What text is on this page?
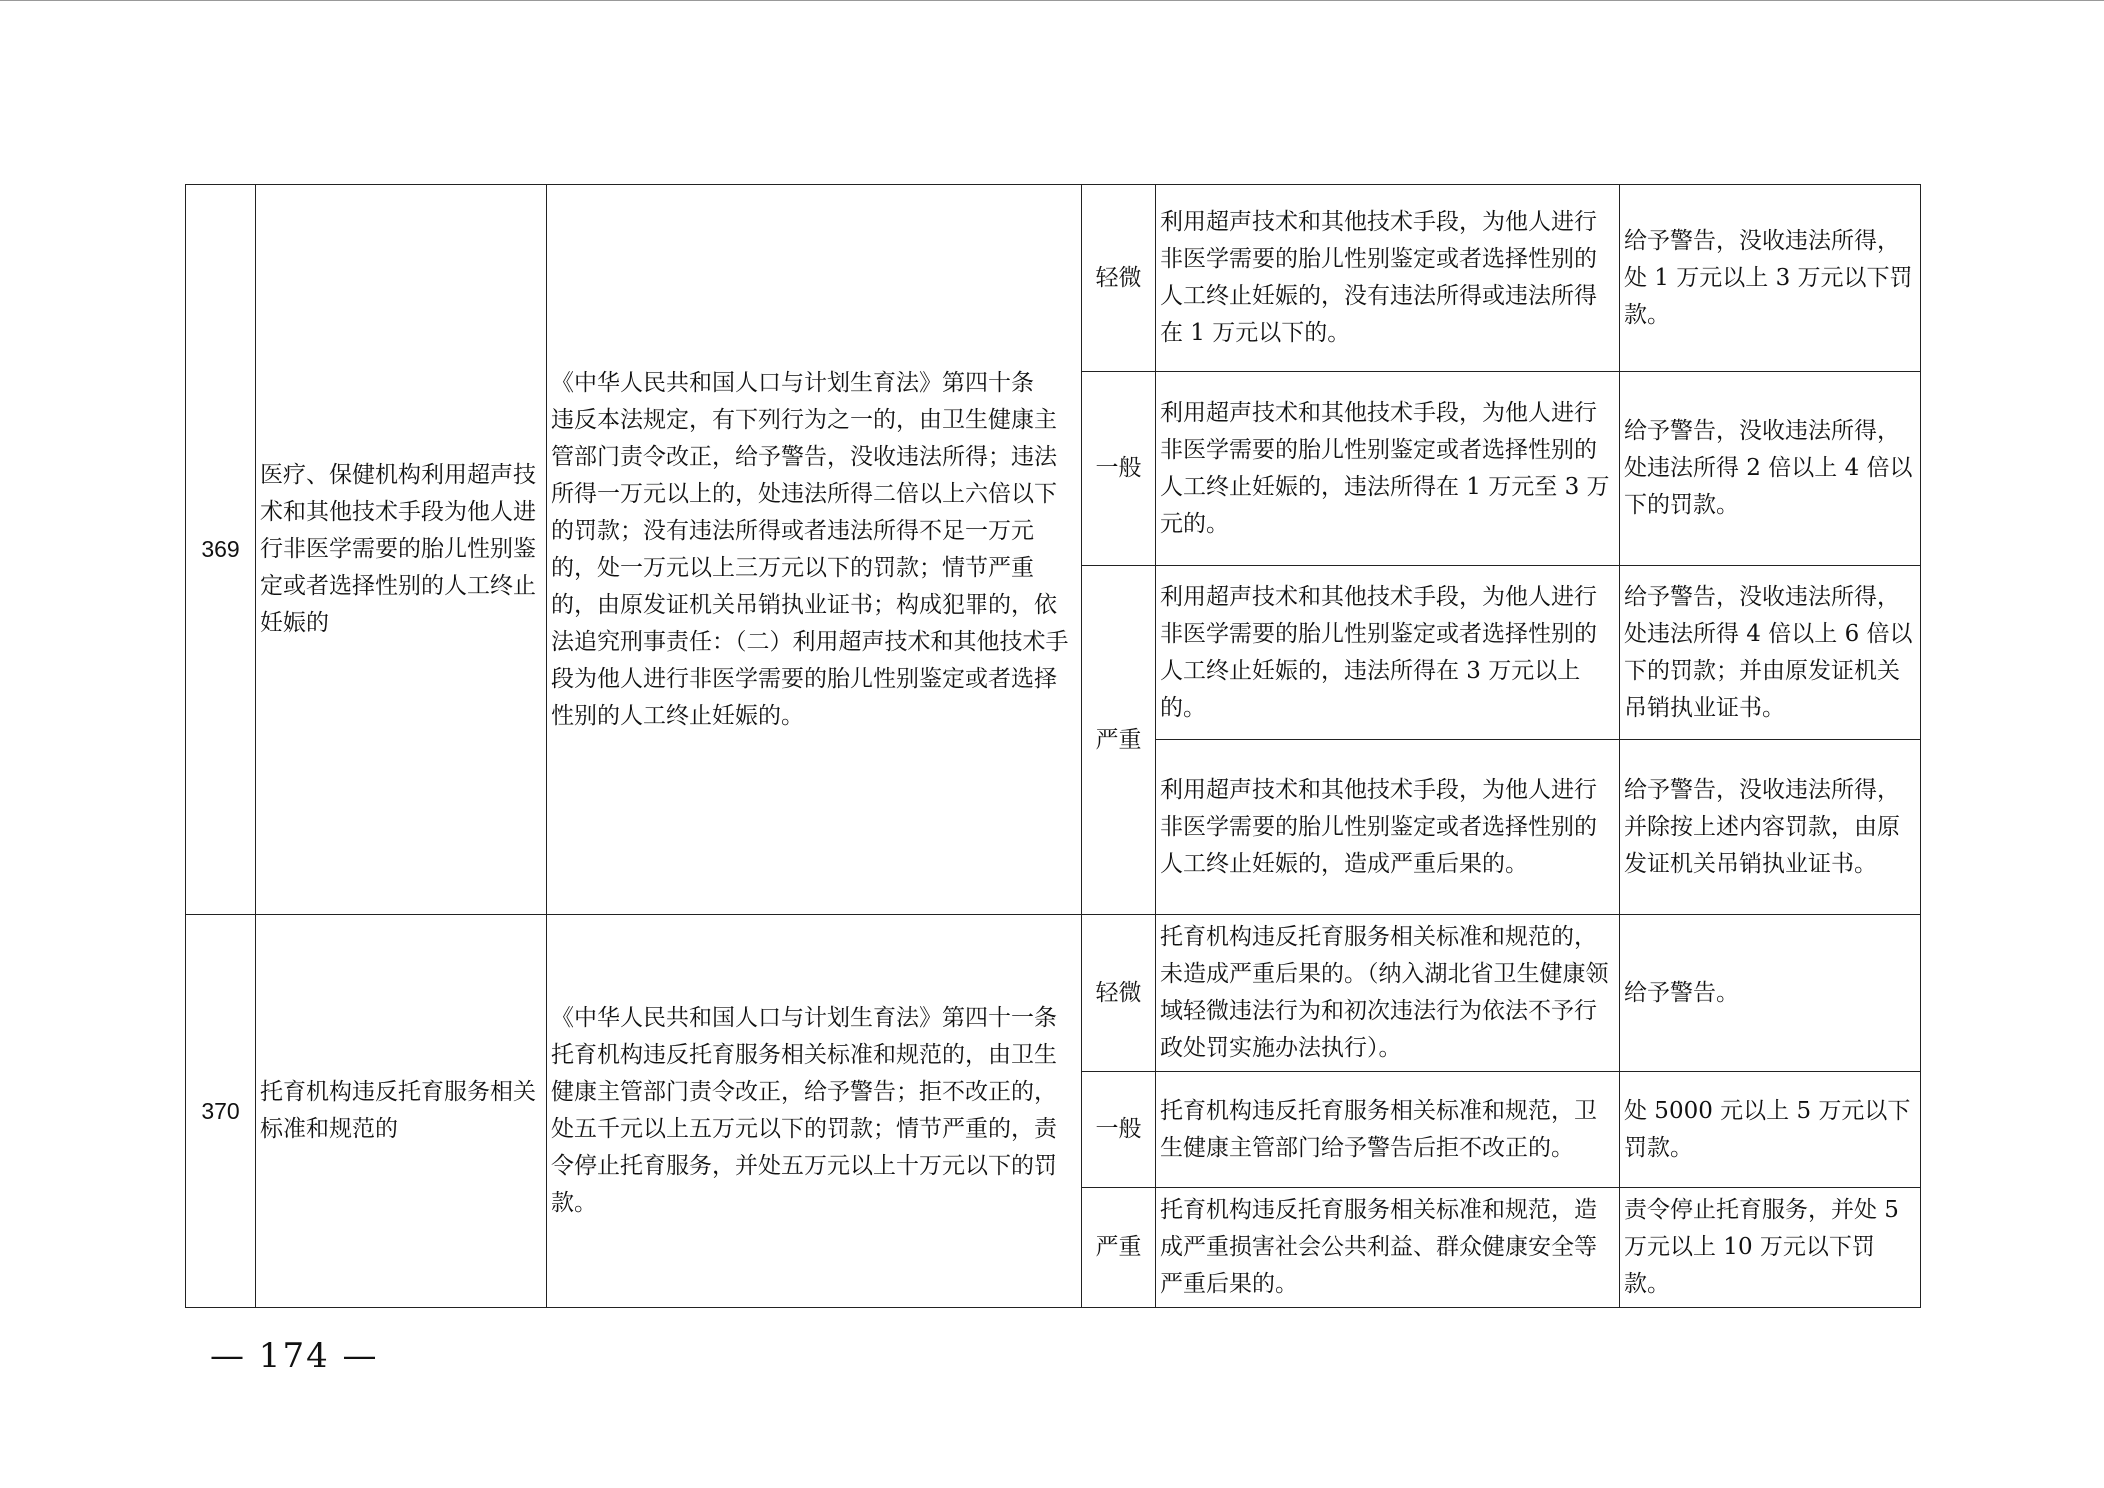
369	医疗、保健机构利用超声技术和其他技术手段为他人进行非医学需要的胎儿性别鉴定或者选择性别的人工终止妊娠的	《中华人民共和国人口与计划生育法》第四十条　违反本法规定，有下列行为之一的，由卫生健康主管部门责令改正，给予警告，没收违法所得；违法所得一万元以上的，处违法所得二倍以上六倍以下的罚款；没有违法所得或者违法所得不足一万元的，处一万元以上三万元以下的罚款；情节严重的，由原发证机关吊销执业证书；构成犯罪的，依法追究刑事责任：（二）利用超声技术和其他技术手段为他人进行非医学需要的胎儿性别鉴定或者选择性别的人工终止妊娠的。	轻微	利用超声技术和其他技术手段，为他人进行非医学需要的胎儿性别鉴定或者选择性别的人工终止妊娠的，没有违法所得或违法所得在 1 万元以下的。	给予警告，没收违法所得，处 1 万元以上 3 万元以下罚款。
			一般	利用超声技术和其他技术手段，为他人进行非医学需要的胎儿性别鉴定或者选择性别的人工终止妊娠的，违法所得在 1 万元至 3 万元的。	给予警告，没收违法所得，处违法所得 2 倍以上 4 倍以下的罚款。
			严重	利用超声技术和其他技术手段，为他人进行非医学需要的胎儿性别鉴定或者选择性别的人工终止妊娠的，违法所得在 3 万元以上的。	给予警告，没收违法所得，处违法所得 4 倍以上 6 倍以下的罚款；并由原发证机关吊销执业证书。
				利用超声技术和其他技术手段，为他人进行非医学需要的胎儿性别鉴定或者选择性别的人工终止妊娠的，造成严重后果的。	给予警告，没收违法所得，并除按上述内容罚款，由原发证机关吊销执业证书。

370	托育机构违反托育服务相关标准和规范的	《中华人民共和国人口与计划生育法》第四十一条　托育机构违反托育服务相关标准和规范的，由卫生健康主管部门责令改正，给予警告；拒不改正的，处五千元以上五万元以下的罚款；情节严重的，责令停止托育服务，并处五万元以上十万元以下的罚款。	轻微	托育机构违反托育服务相关标准和规范的，未造成严重后果的。（纳入湖北省卫生健康领域轻微违法行为和初次违法行为依法不予行政处罚实施办法执行）。	给予警告。
			一般	托育机构违反托育服务相关标准和规范，卫生健康主管部门给予警告后拒不改正的。	处 5000 元以上 5 万元以下罚款。
			严重	托育机构违反托育服务相关标准和规范，造成严重损害社会公共利益、群众健康安全等严重后果的。	责令停止托育服务，并处 5 万元以上 10 万元以下罚款。
— 174 —
